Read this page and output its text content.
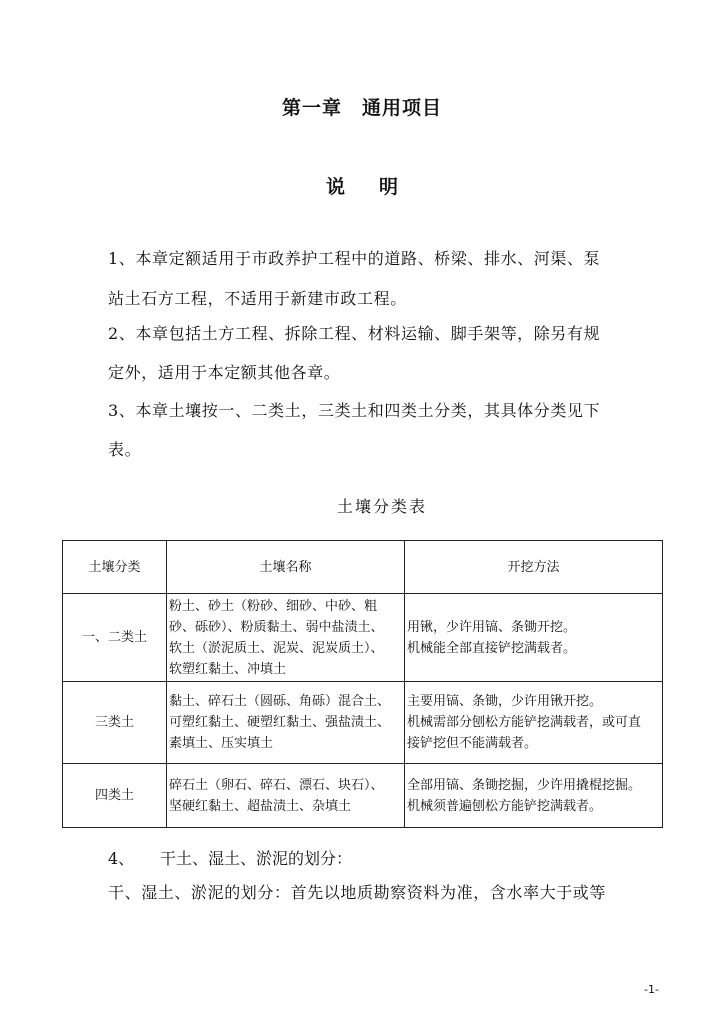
第一章　通用项目
说 明
1、本章定额适用于市政养护工程中的道路、桥梁、排水、河渠、泵
站土石方工程，不适用于新建市政工程。
2、本章包括土方工程、拆除工程、材料运输、脚手架等，除另有规
定外，适用于本定额其他各章。
3、本章土壤按一、二类土，三类土和四类土分类，其具体分类见下
表。
土壤分类表
土壤分类	土壤名称	开挖方法
一、二类土	粉土、砂土（粉砂、细砂、中砂、粗
砂、砾砂）、粉质黏土、弱中盐渍土、
软土（淤泥质土、泥炭、泥炭质土）、
软塑红黏土、冲填土	用锹，少许用镐、条锄开挖。
机械能全部直接铲挖满载者。

三类土	黏土、碎石土（圆砾、角砾）混合土、
可塑红黏土、硬塑红黏土、强盐渍土、
素填土、压实填土	主要用镐、条锄，少许用锹开挖。
机械需部分刨松方能铲挖满载者，或可直
接铲挖但不能满载者。

四类土	碎石土（卵石、碎石、漂石、块石）、
坚硬红黏土、超盐渍土、杂填土	全部用镐、条锄挖掘，少许用撬棍挖掘。
机械须普遍刨松方能铲挖满载者。
4、 干土、湿土、淤泥的划分：
干、湿土、淤泥的划分：首先以地质勘察资料为准，含水率大于或等
-1-
